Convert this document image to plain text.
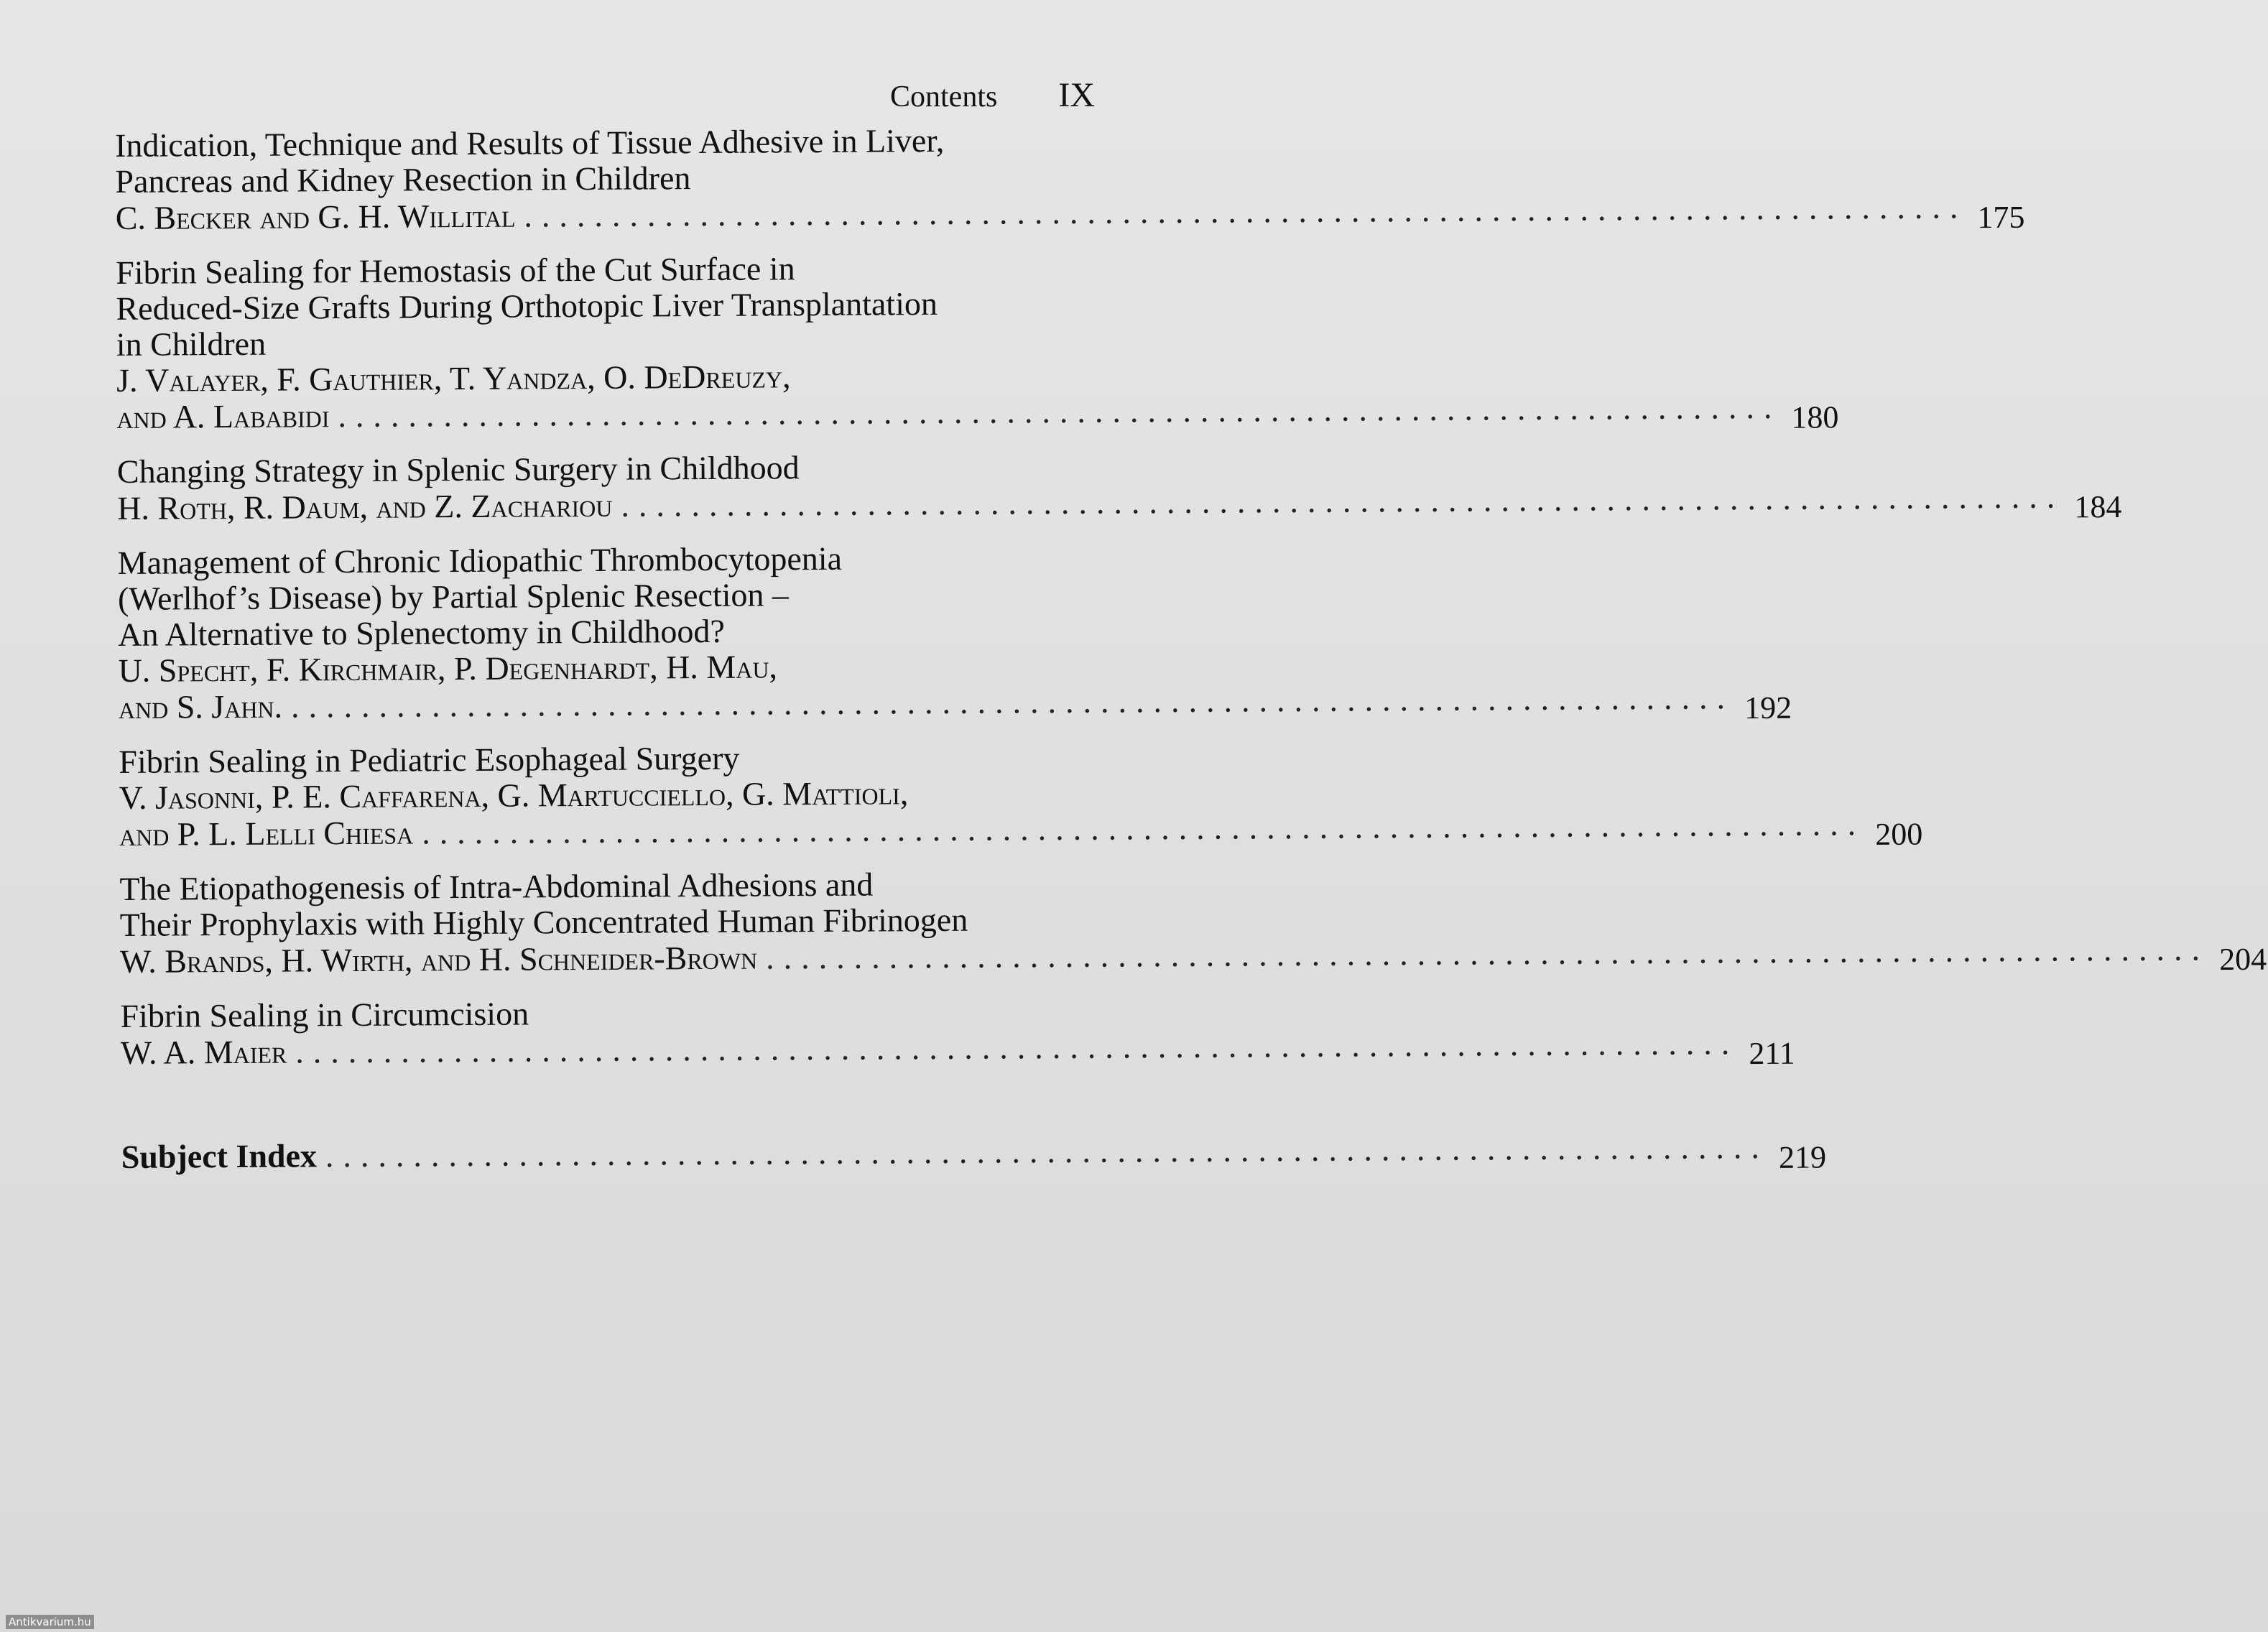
Contents IX
Indication, Technique and Results of Tissue Adhesive in Liver,
Pancreas and Kidney Resection in Children
C. Becker and G. H. Willital .................................................................................. 175
Fibrin Sealing for Hemostasis of the Cut Surface in
Reduced-Size Grafts During Orthotopic Liver Transplantation
in Children
J. Valayer, F. Gauthier, T. Yandza, O. DeDreuzy,
and A. Lababidi .................................................................................. 180
Changing Strategy in Splenic Surgery in Childhood
H. Roth, R. Daum, and Z. Zachariou .................................................................................. 184
Management of Chronic Idiopathic Thrombocytopenia
(Werlhof’s Disease) by Partial Splenic Resection –
An Alternative to Splenectomy in Childhood?
U. Specht, F. Kirchmair, P. Degenhardt, H. Mau,
and S. Jahn. .................................................................................. 192
Fibrin Sealing in Pediatric Esophageal Surgery
V. Jasonni, P. E. Caffarena, G. Martucciello, G. Mattioli,
and P. L. Lelli Chiesa .................................................................................. 200
The Etiopathogenesis of Intra-Abdominal Adhesions and
Their Prophylaxis with Highly Concentrated Human Fibrinogen
W. Brands, H. Wirth, and H. Schneider-Brown .................................................................................. 204
Fibrin Sealing in Circumcision
W. A. Maier .................................................................................. 211
Subject Index .................................................................................. 219
Antikvarium.hu
